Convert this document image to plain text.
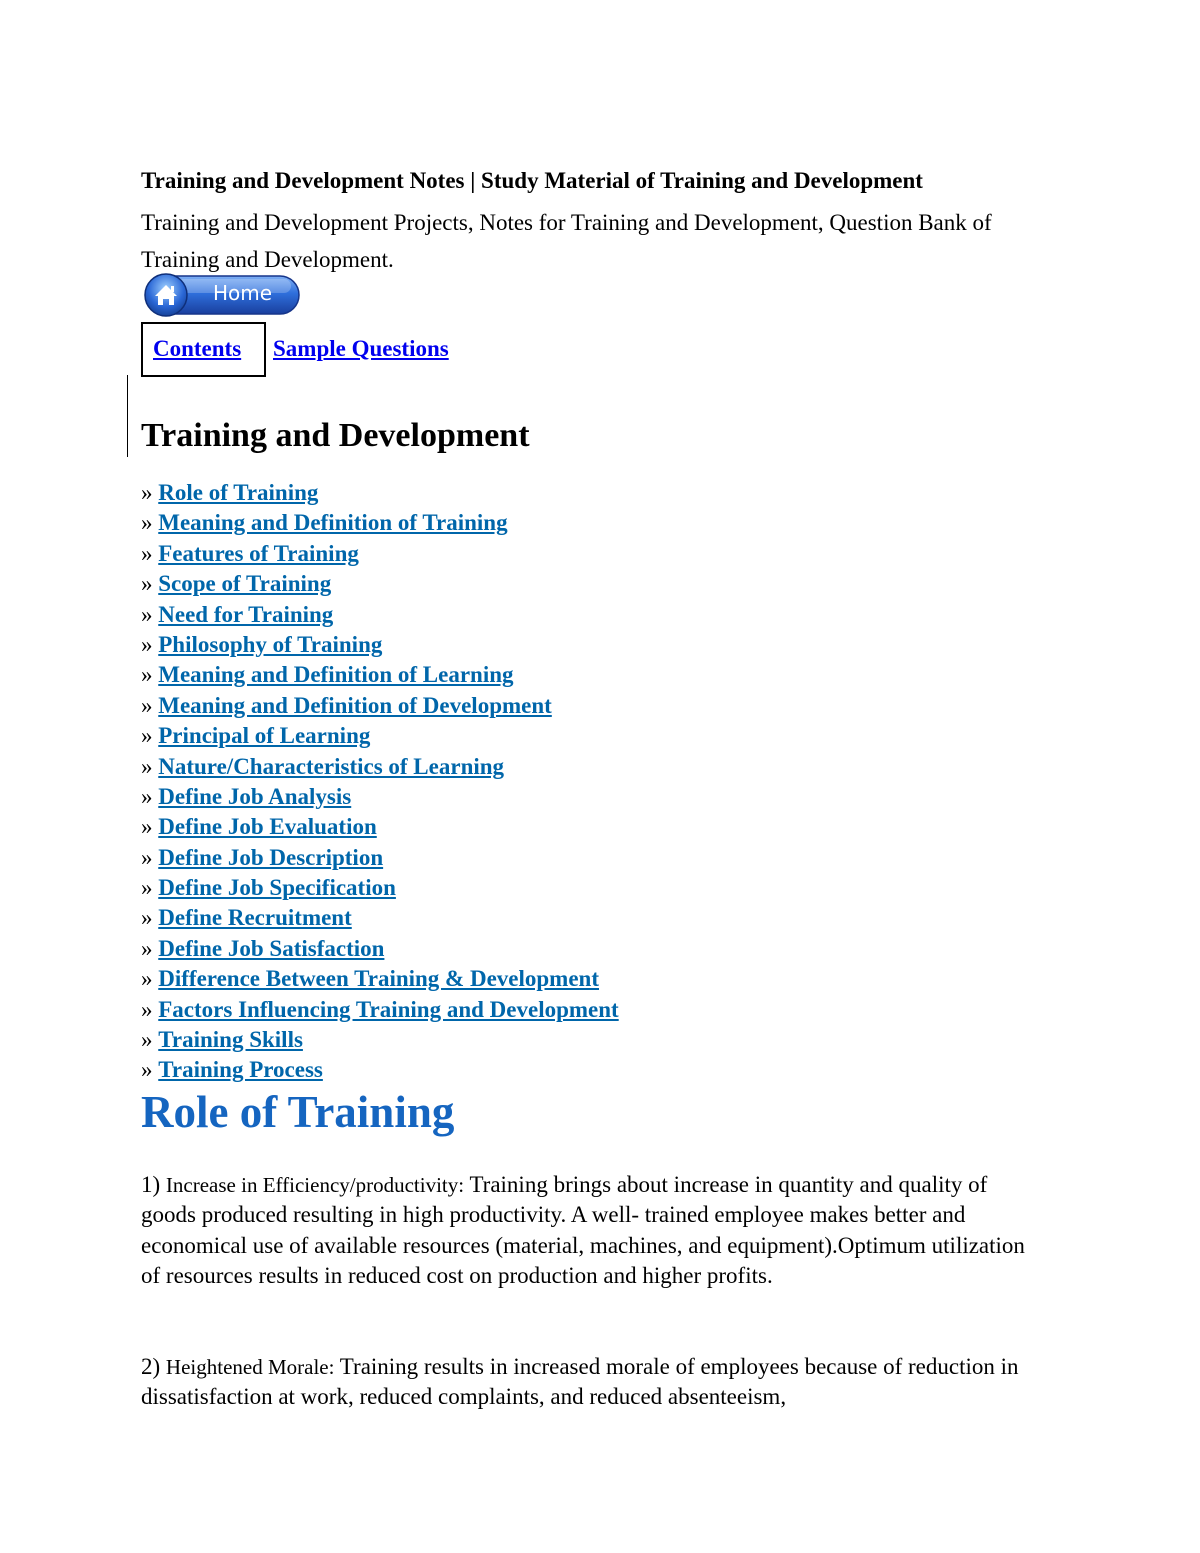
Training and Development Notes | Study Material of Training and Development
Training and Development Projects, Notes for Training and Development, Question Bank of Training and Development.
Home
Contents Sample Questions
Training and Development
» Role of Training
» Meaning and Definition of Training
» Features of Training
» Scope of Training
» Need for Training
» Philosophy of Training
» Meaning and Definition of Learning
» Meaning and Definition of Development
» Principal of Learning
» Nature/Characteristics of Learning
» Define Job Analysis
» Define Job Evaluation
» Define Job Description
» Define Job Specification
» Define Recruitment
» Define Job Satisfaction
» Difference Between Training & Development
» Factors Influencing Training and Development
» Training Skills
» Training Process
Role of Training

1) Increase in Efficiency/productivity: Training brings about increase in quantity and quality of goods produced resulting in high productivity. A well- trained employee makes better and economical use of available resources (material, machines, and equipment).Optimum utilization of resources results in reduced cost on production and higher profits.

2) Heightened Morale: Training results in increased morale of employees because of reduction in dissatisfaction at work, reduced complaints, and reduced absenteeism,
